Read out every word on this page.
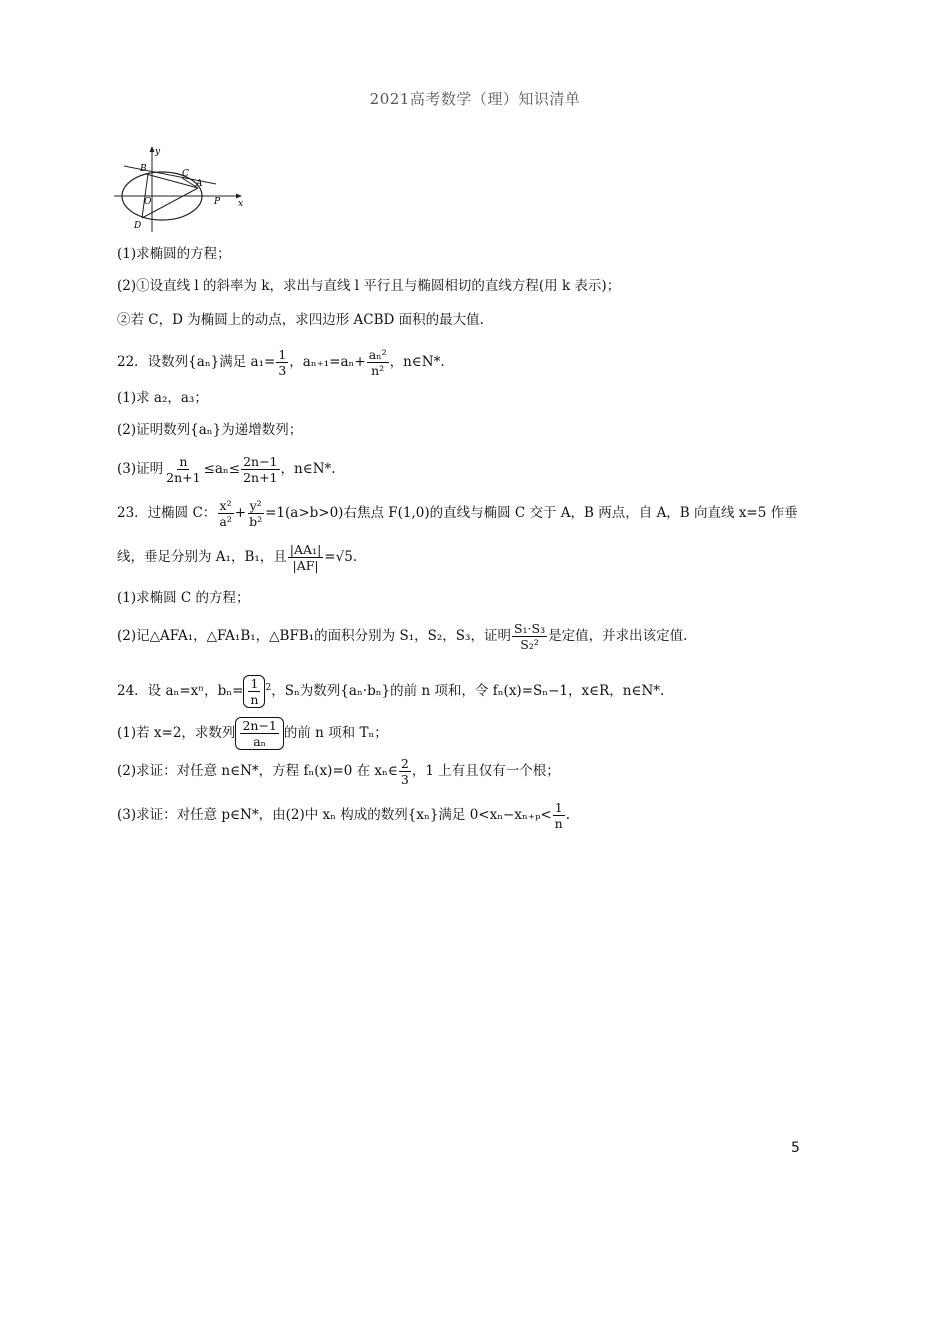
2021高考数学（理）知识清单
y
x
B	C
A
O
D
P
(1)求椭圆的方程；
(2)①设直线 l 的斜率为 k，求出与直线 l 平行且与椭圆相切的直线方程(用 k 表示)；
②若 C，D 为椭圆上的动点，求四边形 ACBD 面积的最大值.
22．设数列{aₙ}满足 $a_1= \frac{1}{3}$ ，$a_{n+1}=a_n+ \frac{\text{aₙ²}}{\text{n²}}$ ，n∈N*.
(1)求 a₂，a₃；
(2)证明数列{aₙ}为递增数列；
(3)证明 $\frac{n}{2n+1} \le a_n\le \frac{2n-1}{2n+1}$ ，n∈N*.
23．过椭圆 C： $\frac{\text{x²}}{\text{a²}} + \frac{\text{y²}}{\text{b²}} =1(a>b>0)$右焦点 F(1,0)的直线与椭圆 C 交于 A，B 两点，自 A，B 向直线 x=5 作垂
线，垂足分别为 A₁，B₁，且 $\frac{\text{|AA₁|}}{|AF|} =√5$.
(1)求椭圆 C 的方程；
(2)记△AFA₁，△FA₁B₁，△BFB₁的面积分别为 S₁，S₂，S₃，证明 $\frac{\text{S₁·S₃}}{\text{S₂²}}$ 是定值，并求出该定值.
24．设 aₙ=xⁿ，$b_n= \frac{1}{n} ^2$，Sₙ为数列{aₙ·bₙ}的前 n 项和，令 fₙ(x)=Sₙ−1，x∈R，n∈N*.
(1)若 x=2，求数列 $\frac{2n-1}{\text{aₙ}}$ 的前 n 项和 Tₙ；
(2)求证：对任意 n∈N*，方程 fₙ(x)=0 在 xₙ∈ $\frac{2}{3}$ ，1 上有且仅有一个根；
(3)求证：对任意 p∈N*，由(2)中 xₙ 构成的数列{xₙ}满足 $0<x_n-x_{n+p}< \frac{1}{n}$ .
5
